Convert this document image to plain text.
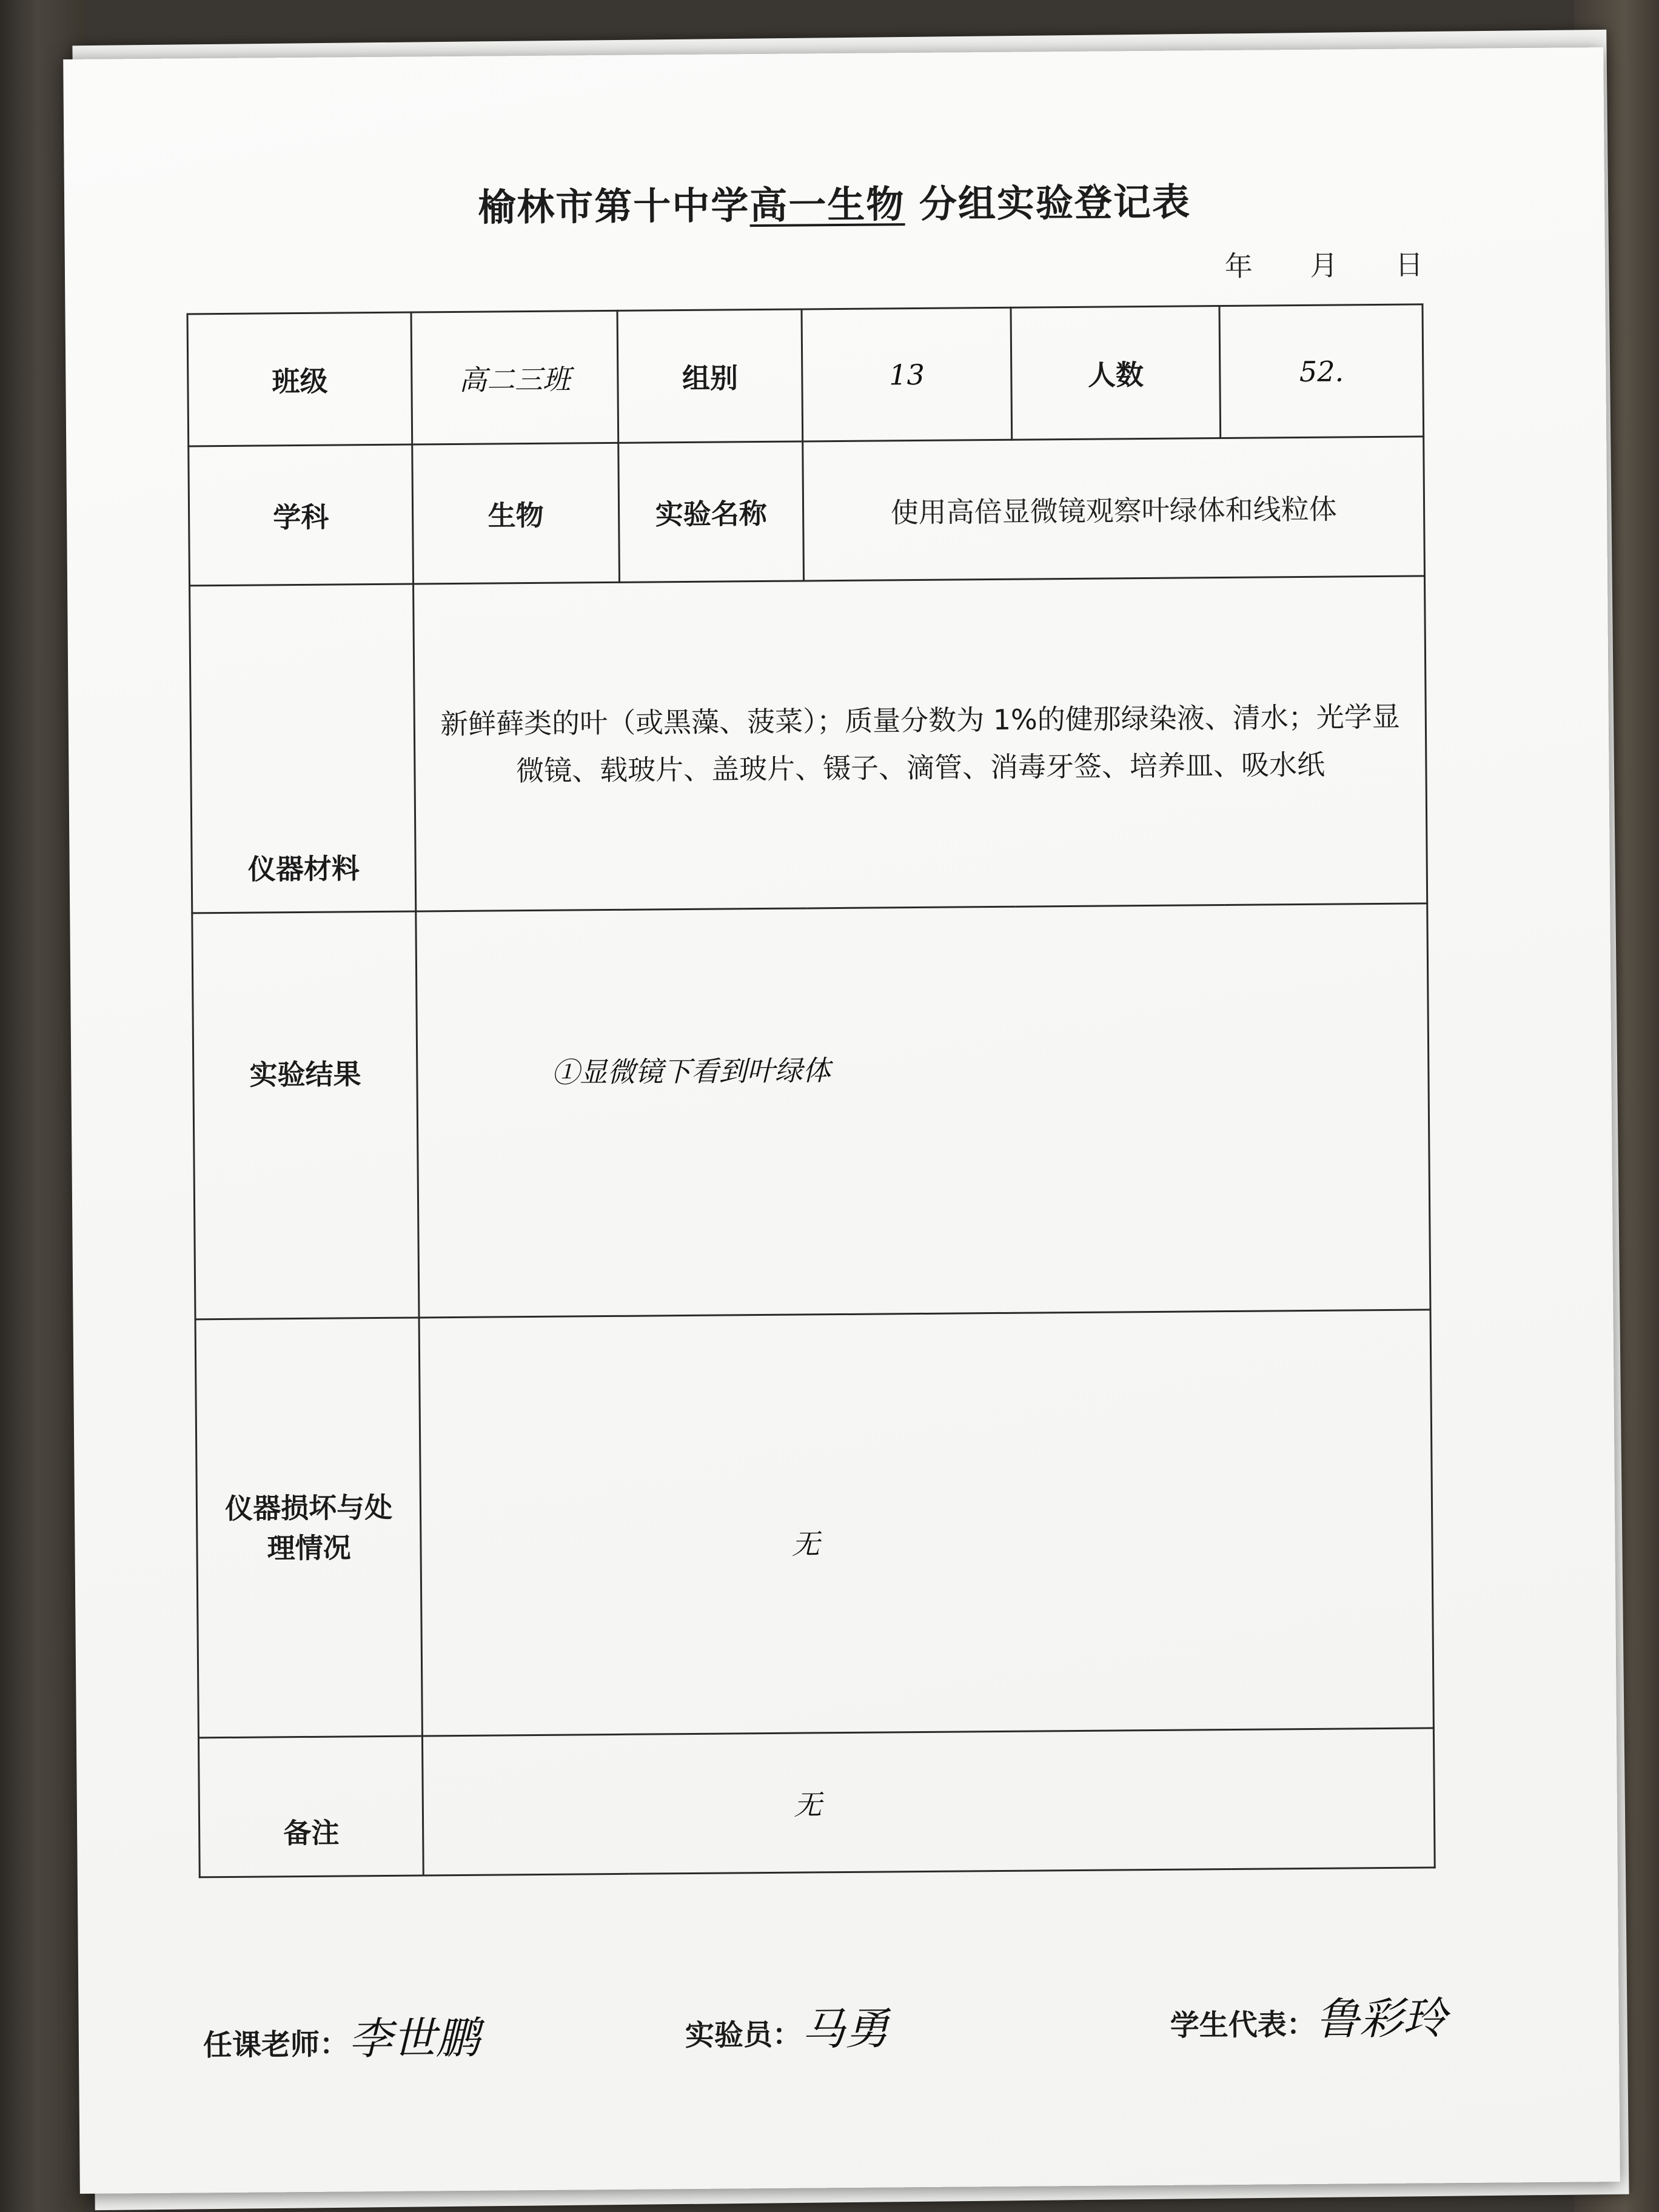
榆林市第十中学高一生物 分组实验登记表
年 月 日
班级	高二三班	组别	13	人数	52.
学科	生物	实验名称	使用高倍显微镜观察叶绿体和线粒体		
仪器材料	新鲜藓类的叶（或黑藻、菠菜）；质量分数为 1%的健那绿染液、清水；光学显
微镜、载玻片、盖玻片、镊子、滴管、消毒牙签、培养皿、吸水纸				

实验结果	①显微镜下看到叶绿体				

仪器损坏与处
理情况	无				
备注	无				
任课老师：李世鹏	实验员：马勇	学生代表：鲁彩玲
